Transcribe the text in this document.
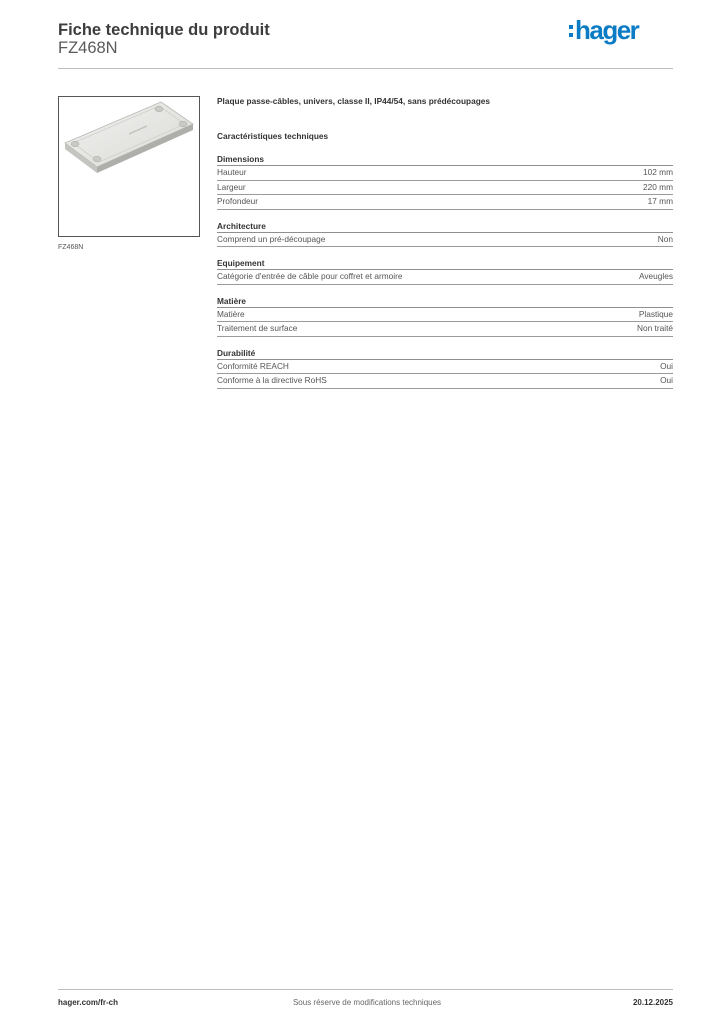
Fiche technique du produit
FZ468N
hager
FZ468N
Plaque passe-câbles, univers, classe II, IP44/54, sans prédécoupages
Caractéristiques techniques
Dimensions
Hauteur	102 mm
Largeur	220 mm
Profondeur	17 mm
Architecture
Comprend un pré-découpage	Non
Equipement
Catégorie d'entrée de câble pour coffret et armoire	Aveugles
Matière
Matière	Plastique
Traitement de surface	Non traité
Durabilité
Conformité REACH	Oui
Conforme à la directive RoHS	Oui
hager.com/fr-ch	Sous réserve de modifications techniques	20.12.2025
